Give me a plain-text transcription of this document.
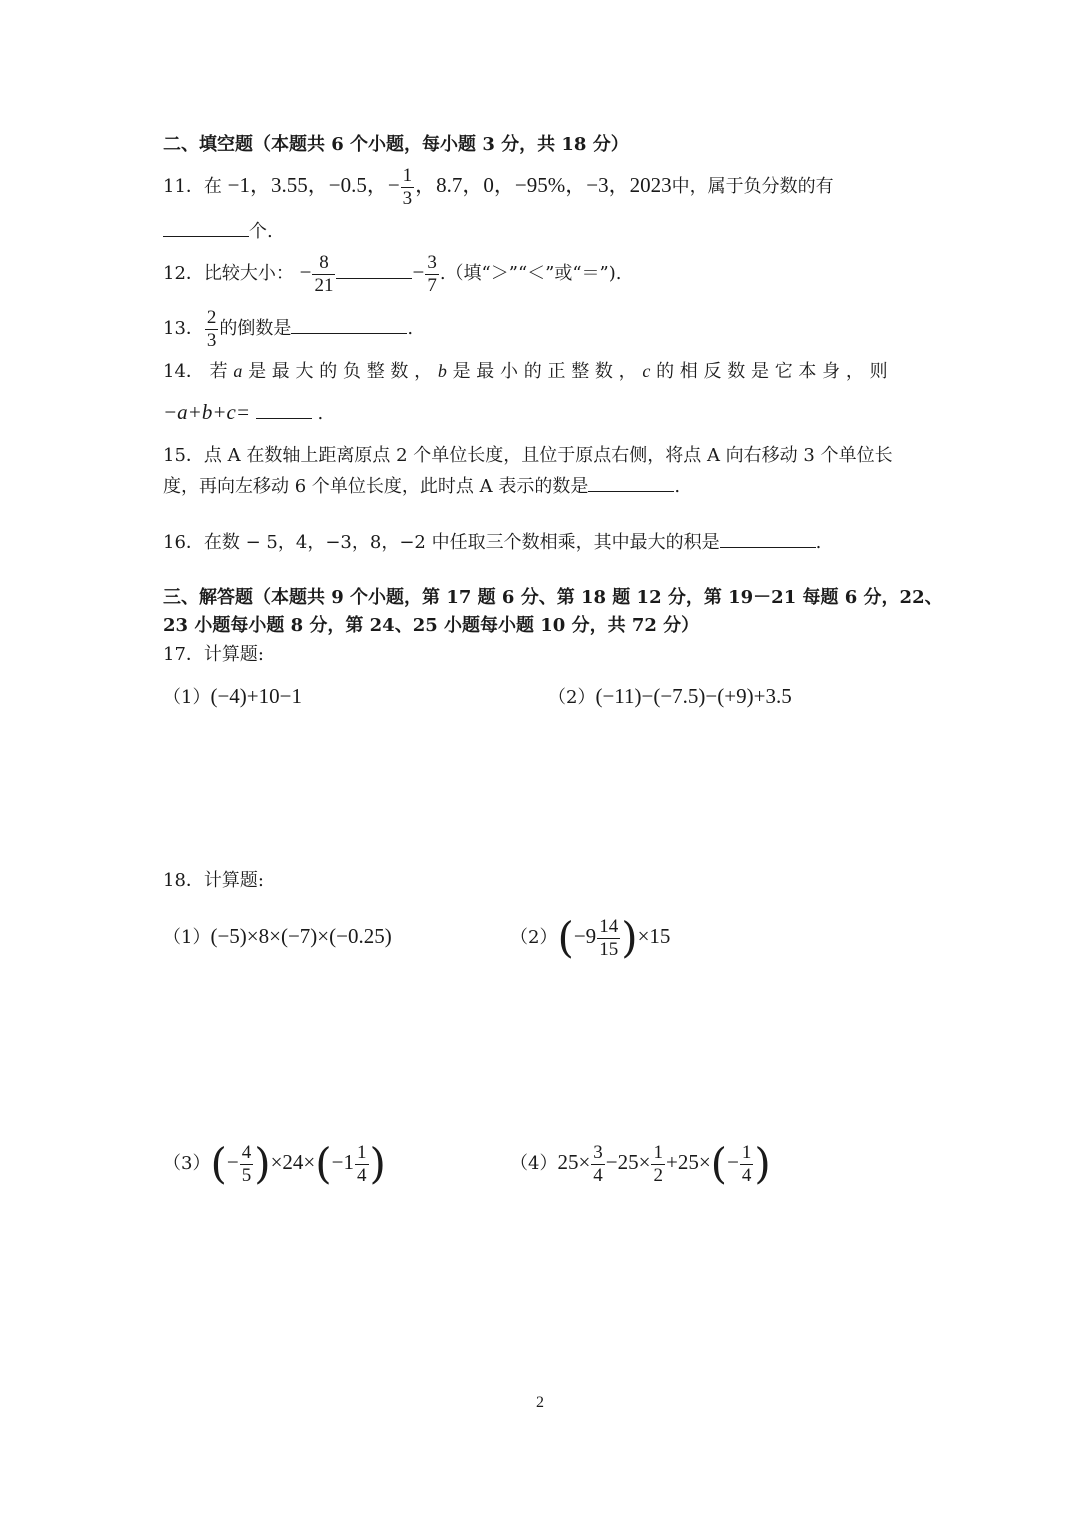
二、填空题（本题共 6 个小题，每小题 3 分，共 18 分）
11．在 −1，3.55，−0.5，− $\frac{1}{3}$ ，8.7，0，−95%，−3，2023中，属于负分数的有
个.
12．比较大小： − $\frac{8}{21}$	− $\frac{3}{7}$ .（填“＞”“＜”或“＝”).
13． $\frac{2}{3}$ 的倒数是	.
14． 若 a 是 最 大 的 负 整 数 ， b 是 最 小 的 正 整 数 ， c 的 相 反 数 是 它 本 身 ， 则
−a+b+c=	.
15．点 A 在数轴上距离原点 2 个单位长度，且位于原点右侧，将点 A 向右移动 3 个单位长
度，再向左移动 6 个单位长度，此时点 A 表示的数是	.
16．在数 − 5，4，−3，8，−2 中任取三个数相乘，其中最大的积是	.
三、解答题（本题共 9 个小题，第 17 题 6 分、第 18 题 12 分，第 19－21 每题 6 分，22、
23 小题每小题 8 分，第 24、25 小题每小题 10 分，共 72 分）
17．计算题:
（1）(−4)+10−1	（2）(−11)−(−7.5)−(+9)+3.5
18．计算题:
（1）(−5)×8×(−7)×(−0.25)	$(2)(-9 \frac{14}{15} )\times 15$
$(3)(- \frac{4}{5} )\times 24\times(-1 \frac{1}{4}$ )	$(4)25\times \frac{3}{4} -25\times \frac{1}{2} +25\times(- \frac{1}{4}$ )
2
